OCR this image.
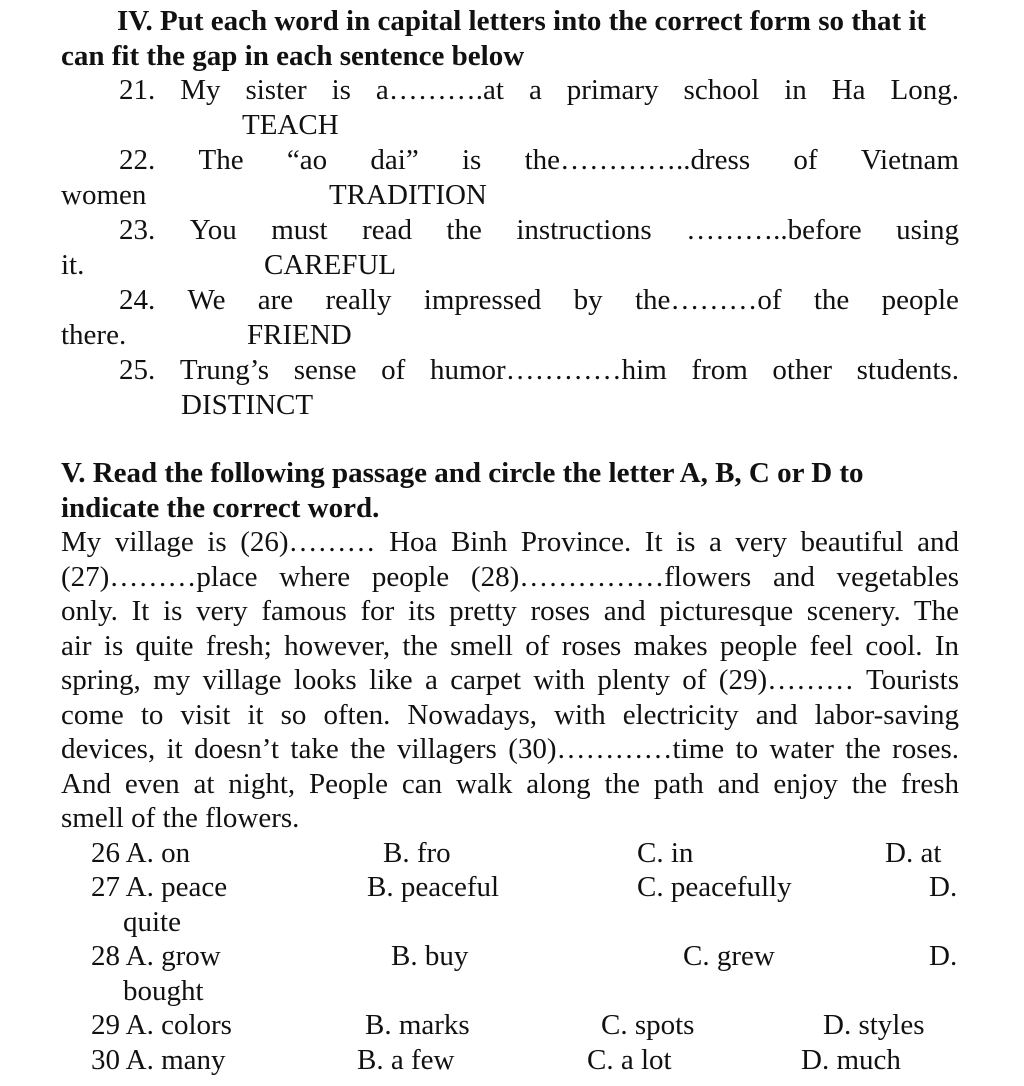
IV. Put each word in capital letters into the correct form so that it
can fit the gap in each sentence below

21. My sister is a……….at a primary school in Ha Long.
TEACH
22. The “ao dai” is the…………..dress of Vietnam
women	TRADITION
23. You must read the instructions ………..before using
it.	CAREFUL
24. We are really impressed by the………of the people
there.	FRIEND
25. Trung’s sense of humor…………him from other students.
DISTINCT

V. Read the following passage and circle the letter A, B, C or D to
indicate the correct word.

My village is (26)……… Hoa Binh Province. It is a very beautiful and
(27)………place where people (28)……………flowers and vegetables
only. It is very famous for its pretty roses and picturesque scenery. The
air is quite fresh; however, the smell of roses makes people feel cool. In
spring, my village looks like a carpet with plenty of (29)……… Tourists
come to visit it so often. Nowadays, with electricity and labor-saving
devices, it doesn’t take the villagers (30)…………time to water the roses.
And even at night, People can walk along the path and enjoy the fresh
smell of the flowers.

26 A. on	B. fro	C. in	D. at
27 A. peace	B. peaceful	C. peacefully	D.
quite
28 A. grow	B. buy	C. grew	D.
bought
29 A. colors	B. marks	C. spots	D. styles
30 A. many	B. a few	C. a lot	D. much
